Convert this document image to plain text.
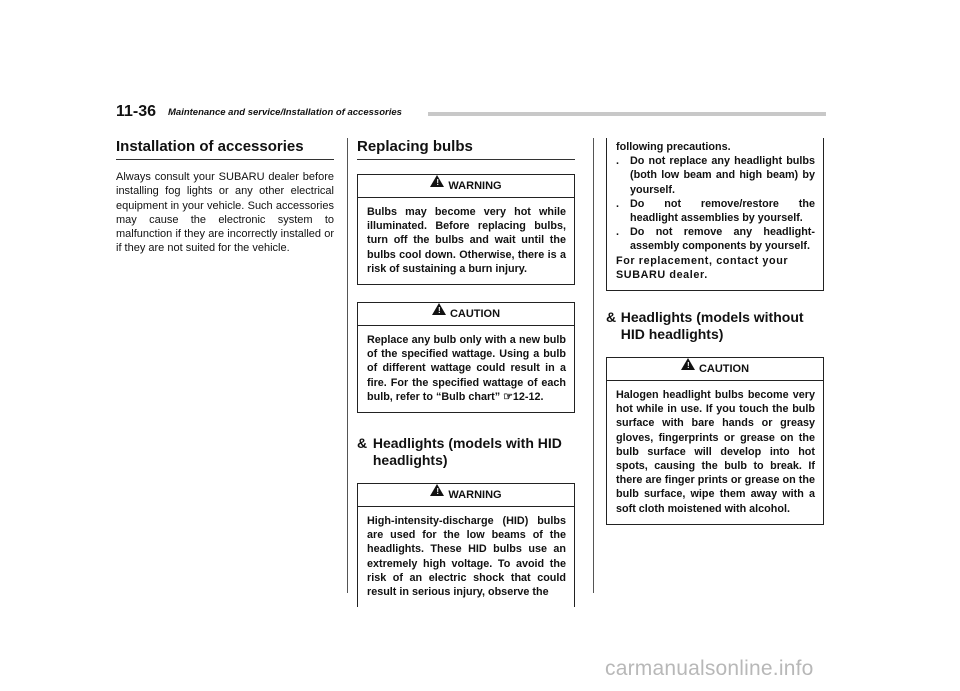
11-36 Maintenance and service/Installation of accessories
Installation of accessories
Always consult your SUBARU dealer before installing fog lights or any other electrical equipment in your vehicle. Such accessories may cause the electronic system to malfunction if they are incorrectly installed or if they are not suited for the vehicle.
Replacing bulbs
! WARNING
Bulbs may become very hot while illuminated. Before replacing bulbs, turn off the bulbs and wait until the bulbs cool down. Otherwise, there is a risk of sustaining a burn injury.
! CAUTION
Replace any bulb only with a new bulb of the specified wattage. Using a bulb of different wattage could result in a fire. For the specified wattage of each bulb, refer to “Bulb chart” ☞12-12.
& Headlights (models with HID headlights)
! WARNING
High-intensity-discharge (HID) bulbs are used for the low beams of the headlights. These HID bulbs use an extremely high voltage. To avoid the risk of an electric shock that could result in serious injury, observe the
following precautions.
.	Do not replace any headlight bulbs (both low beam and high beam) by yourself.
.	Do not remove/restore the headlight assemblies by yourself.
.	Do not remove any headlight-assembly components by yourself.
For replacement, contact your SUBARU dealer.
& Headlights (models without HID headlights)
! CAUTION
Halogen headlight bulbs become very hot while in use. If you touch the bulb surface with bare hands or greasy gloves, fingerprints or grease on the bulb surface will develop into hot spots, causing the bulb to break. If there are finger prints or grease on the bulb surface, wipe them away with a soft cloth moistened with alcohol.
carmanualsonline.info
